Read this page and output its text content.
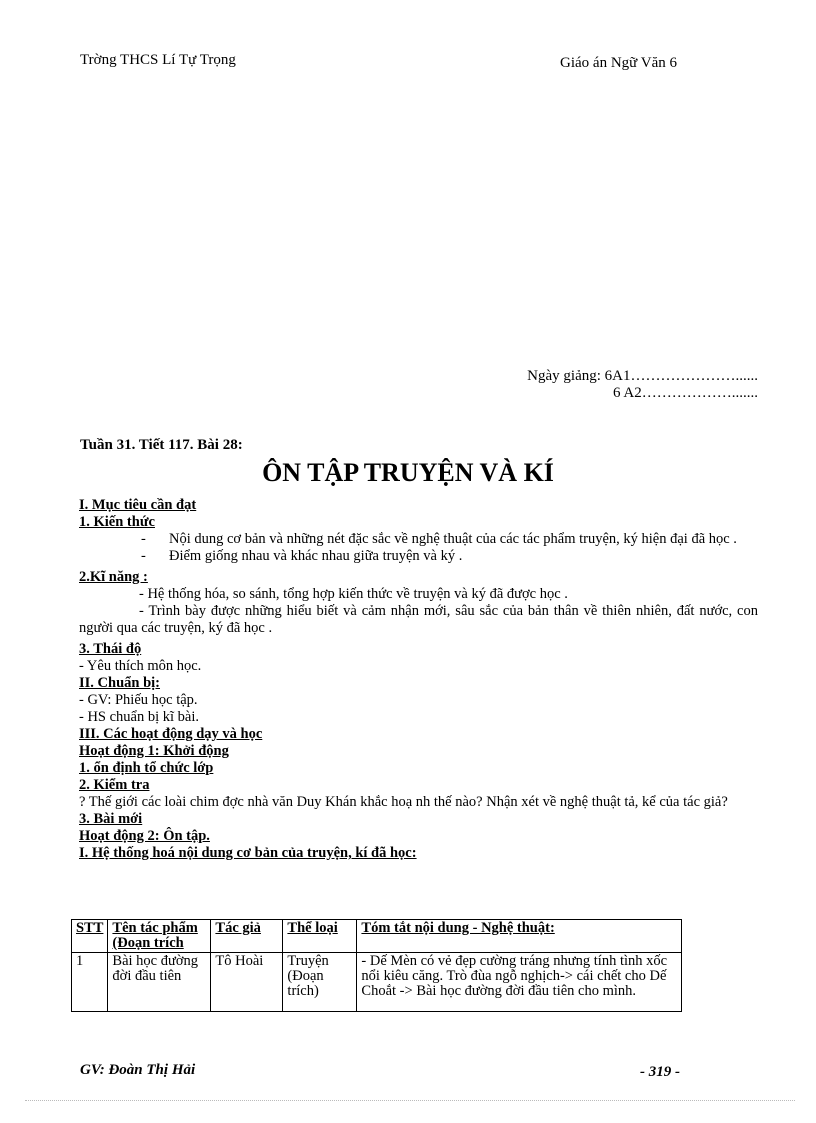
Trờng THCS Lí Tự Trọng	Giáo án Ngữ Văn 6
Ngày giảng: 6A1…………………......
6 A2……………….......
Tuần 31. Tiết 117. Bài 28:
ÔN TẬP TRUYỆN VÀ KÍ

I. Mục tiêu cần đạt

1. Kiến thức

-	Nội dung cơ bản và những nét đặc sắc về nghệ thuật của các tác phẩm truyện, ký hiện đại đã học .
-	Điểm giống nhau và khác nhau giữa truyện và ký .

2.Kĩ năng :

- Hệ thống hóa, so sánh, tổng hợp kiến thức về truyện và ký đã được học .

- Trình bày được những hiểu biết và cảm nhận mới, sâu sắc của bản thân về thiên nhiên, đất nước, con người qua các truyện, ký đã học .

3. Thái độ

- Yêu thích môn học.

II. Chuẩn bị:

- GV: Phiếu học tập.

- HS chuẩn bị kĩ bài.

III. Các hoạt động dạy và học

Hoạt động 1: Khởi động

1. ổn định tổ chức lớp

2. Kiểm tra

? Thế giới các loài chim đợc nhà văn Duy Khán khắc hoạ nh thế nào? Nhận xét về nghệ thuật tả, kể của tác giả?

3. Bài mới

Hoạt động 2: Ôn tập.

I. Hệ thống hoá nội dung cơ bản của truyện, kí đã học:

STT	Tên tác phẩm (Đoạn trích	Tác giả	Thể loại	Tóm tắt nội dung - Nghệ thuật:
1	Bài học đường đời đầu tiên	Tô Hoài	Truyện (Đoạn trích)	- Dế Mèn có vẻ đẹp cường tráng nhưng tính tình xốc nổi kiêu căng. Trò đùa ngỗ nghịch-> cái chết cho Dế Choắt -> Bài học đường đời đầu tiên cho mình.
GV: Đoàn Thị Hải	- 319 -
